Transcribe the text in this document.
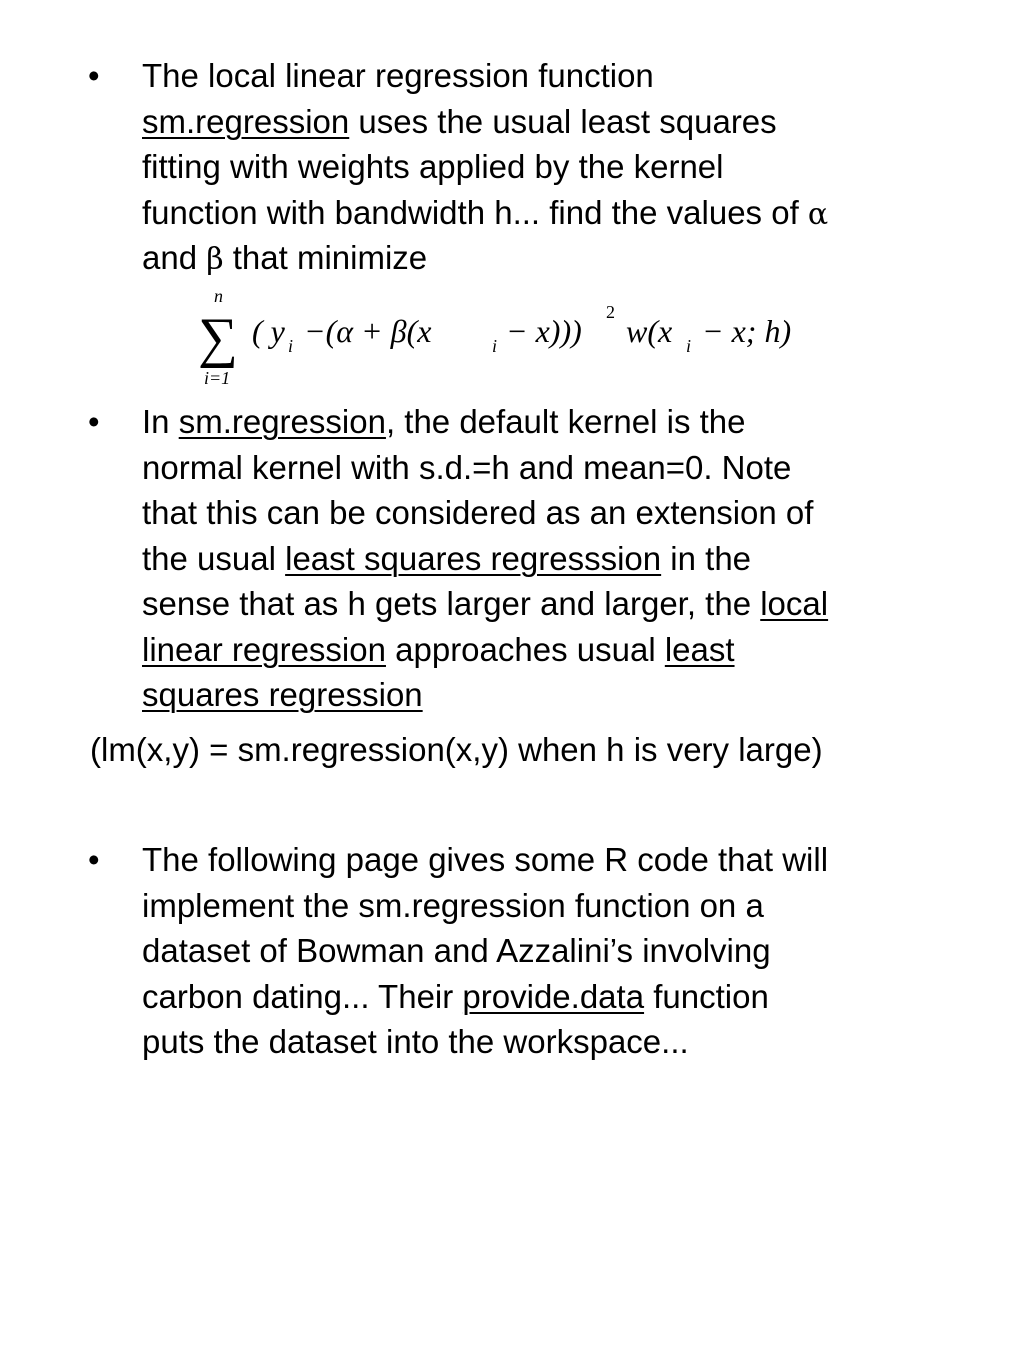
• The local linear regression function
sm.regression uses the usual least squares
fitting with weights applied by the kernel
function with bandwidth h... find the values of α
and β that minimize
n
∑
i=1
( y i −(α + β(x	i − x)))
2
w(x i − x; h)
• In sm.regression, the default kernel is the
normal kernel with s.d.=h and mean=0. Note
that this can be considered as an extension of
the usual least squares regresssion in the
sense that as h gets larger and larger, the local
linear regression approaches usual least
squares regression
(lm(x,y) = sm.regression(x,y) when h is very large)
• The following page gives some R code that will
implement the sm.regression function on a
dataset of Bowman and Azzalini’s involving
carbon dating... Their provide.data function
puts the dataset into the workspace...
